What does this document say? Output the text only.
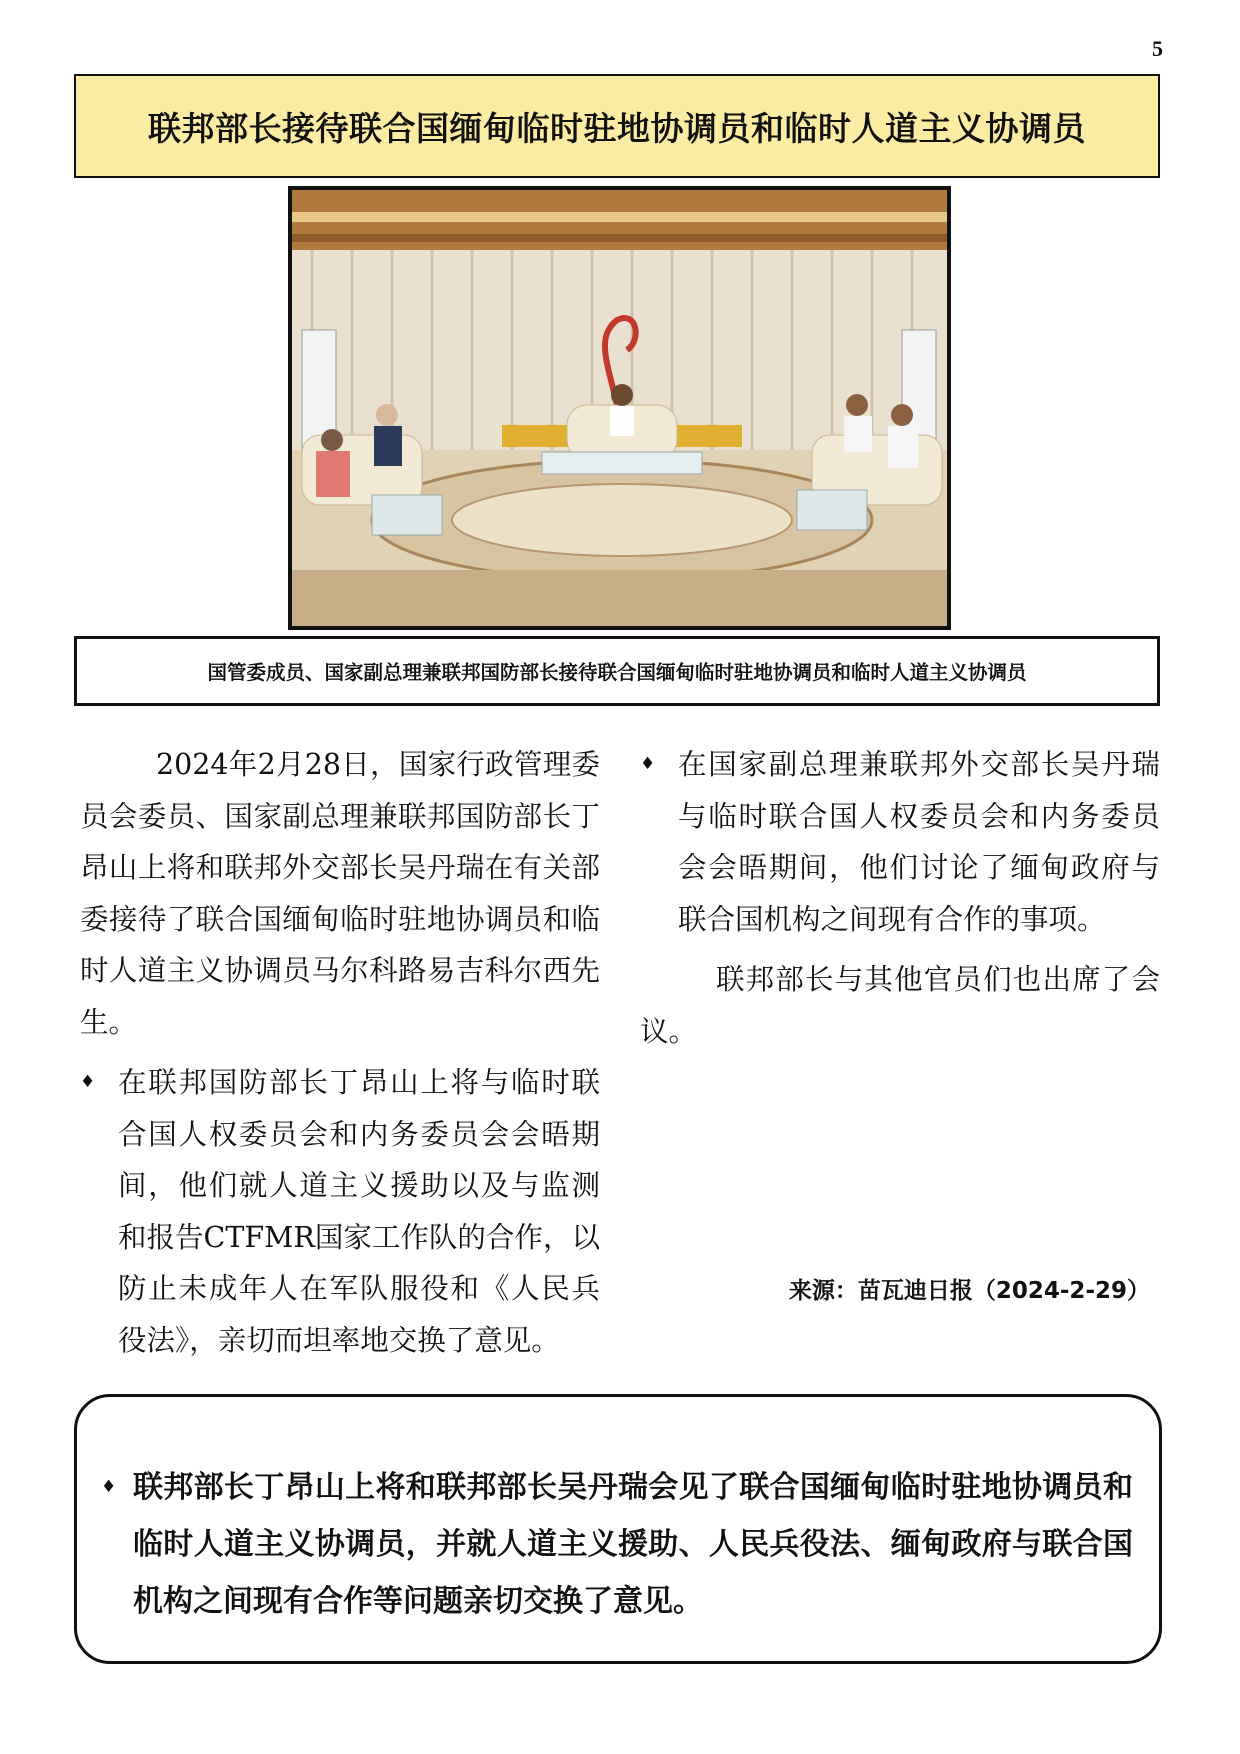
5
联邦部长接待联合国缅甸临时驻地协调员和临时人道主义协调员

国管委成员、国家副总理兼联邦国防部长接待联合国缅甸临时驻地协调员和临时人道主义协调员

2024年2月28日，国家行政管理委员会委员、国家副总理兼联邦国防部长丁昂山上将和联邦外交部长吴丹瑞在有关部委接待了联合国缅甸临时驻地协调员和临时人道主义协调员马尔科路易吉科尔西先生。

♦ 在联邦国防部长丁昂山上将与临时联合国人权委员会和内务委员会会晤期间，他们就人道主义援助以及与监测和报告CTFMR国家工作队的合作，以防止未成年人在军队服役和《人民兵役法》，亲切而坦率地交换了意见。

♦ 在国家副总理兼联邦外交部长吴丹瑞与临时联合国人权委员会和内务委员会会晤期间，他们讨论了缅甸政府与联合国机构之间现有合作的事项。

联邦部长与其他官员们也出席了会议。

来源：苗瓦迪日报（2024-2-29）
♦ 联邦部长丁昂山上将和联邦部长吴丹瑞会见了联合国缅甸临时驻地协调员和临时人道主义协调员，并就人道主义援助、人民兵役法、缅甸政府与联合国机构之间现有合作等问题亲切交换了意见。
